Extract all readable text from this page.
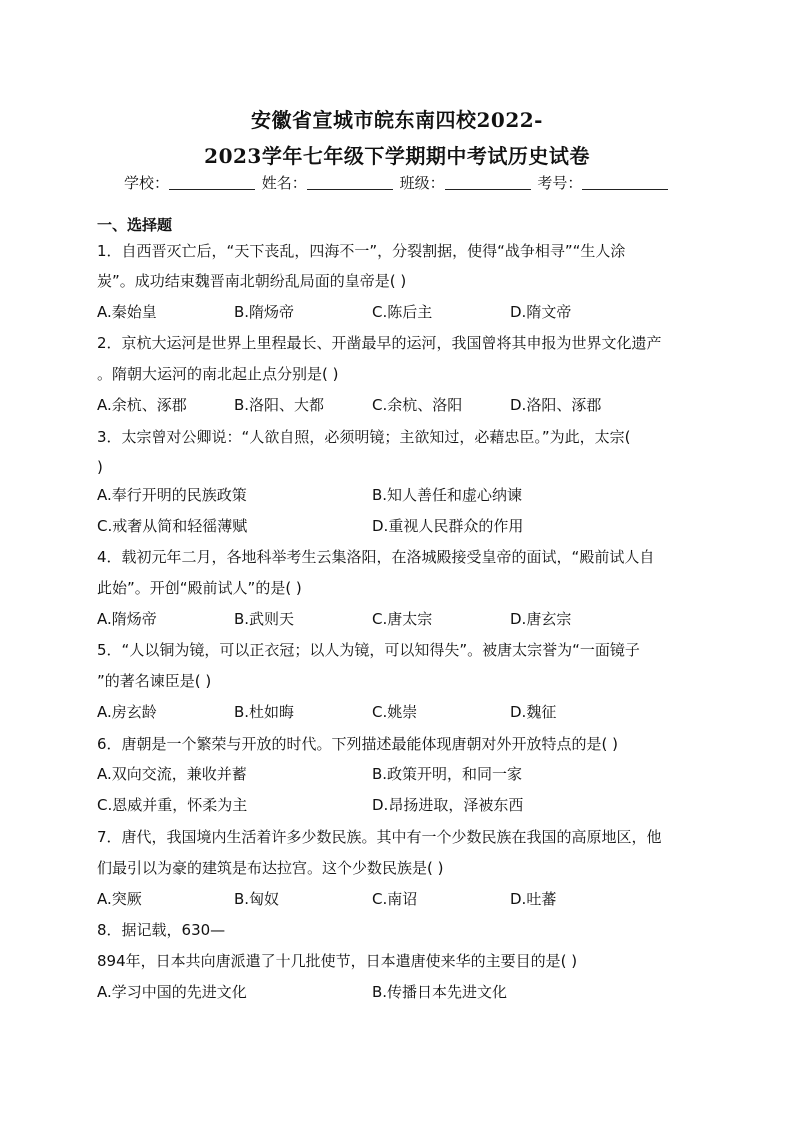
安徽省宣城市皖东南四校2022-
2023学年七年级下学期期中考试历史试卷
学校：	姓名：	班级：	考号：
一、选择题
1．自西晋灭亡后，“天下丧乱，四海不一”，分裂割据，使得“战争相寻”“生人涂
炭”。成功结束魏晋南北朝纷乱局面的皇帝是( )
A.秦始皇	B.隋炀帝	C.陈后主	D.隋文帝
2．京杭大运河是世界上里程最长、开凿最早的运河，我国曾将其申报为世界文化遗产
。隋朝大运河的南北起止点分别是( )
A.余杭、涿郡	B.洛阳、大都	C.余杭、洛阳	D.洛阳、涿郡
3．太宗曾对公卿说：“人欲自照，必须明镜；主欲知过，必藉忠臣。”为此，太宗(
)
A.奉行开明的民族政策	B.知人善任和虚心纳谏
C.戒奢从简和轻徭薄赋	D.重视人民群众的作用
4．载初元年二月，各地科举考生云集洛阳，在洛城殿接受皇帝的面试，“殿前试人自
此始”。开创“殿前试人”的是( )
A.隋炀帝	B.武则天	C.唐太宗	D.唐玄宗
5．“人以铜为镜，可以正衣冠；以人为镜，可以知得失”。被唐太宗誉为“一面镜子
”的著名谏臣是( )
A.房玄龄	B.杜如晦	C.姚崇	D.魏征
6．唐朝是一个繁荣与开放的时代。下列描述最能体现唐朝对外开放特点的是( )
A.双向交流，兼收并蓄	B.政策开明，和同一家
C.恩威并重，怀柔为主	D.昂扬进取，泽被东西
7．唐代，我国境内生活着许多少数民族。其中有一个少数民族在我国的高原地区，他
们最引以为豪的建筑是布达拉宫。这个少数民族是( )
A.突厥	B.匈奴	C.南诏	D.吐蕃
8．据记载，630—
894年，日本共向唐派遣了十几批使节，日本遣唐使来华的主要目的是( )
A.学习中国的先进文化	B.传播日本先进文化
